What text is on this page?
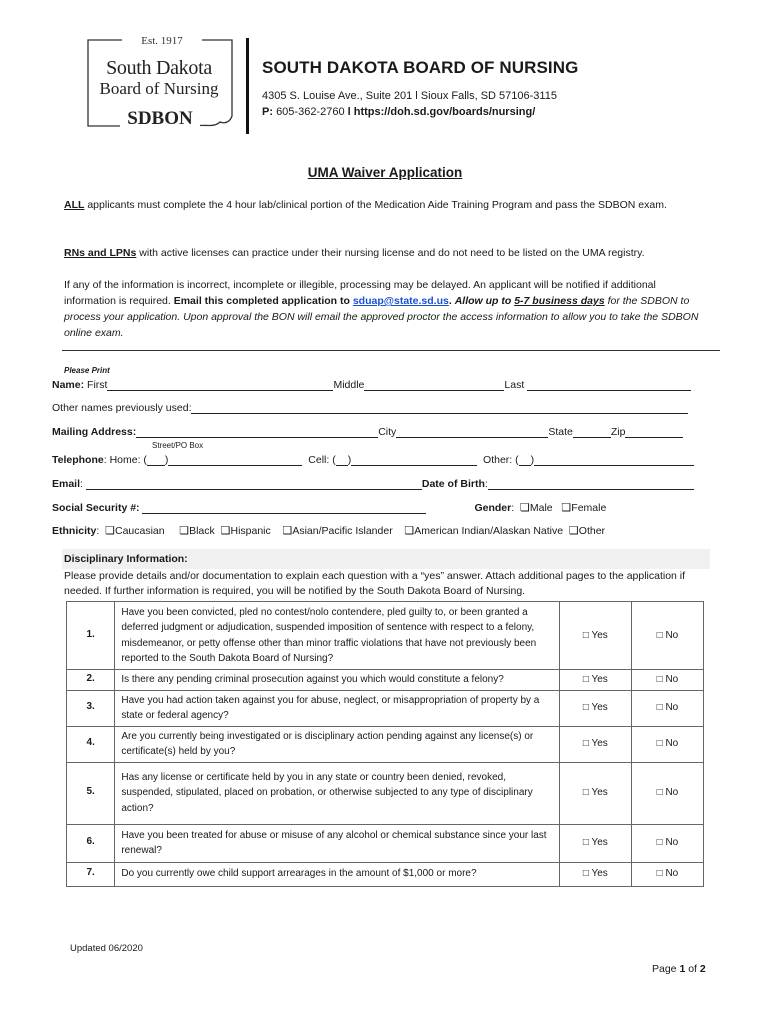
Est. 1917
South Dakota
Board of Nursing
SDBON
SOUTH DAKOTA BOARD OF NURSING
4305 S. Louise Ave., Suite 201 l Sioux Falls, SD 57106-3115
P: 605-362-2760 l https://doh.sd.gov/boards/nursing/
UMA Waiver Application
ALL applicants must complete the 4 hour lab/clinical portion of the Medication Aide Training Program and pass the SDBON exam.
RNs and LPNs with active licenses can practice under their nursing license and do not need to be listed on the UMA registry.
If any of the information is incorrect, incomplete or illegible, processing may be delayed. An applicant will be notified if additional information is required. Email this completed application to sduap@state.sd.us. Allow up to 5-7 business days for the SDBON to process your application. Upon approval the BON will email the approved proctor the access information to allow you to take the SDBON online exam.
Please Print
Name: First	Middle	Last
Other names previously used:
Mailing Address:	City	State	Zip
Street/PO Box
Telephone: Home: ( )	Cell: ( )	Other: ( )
Email:	Date of Birth:
Social Security #:	Gender: ❏Male ❏Female
Ethnicity: ❏Caucasian ❏Black ❏Hispanic ❏Asian/Pacific Islander ❏American Indian/Alaskan Native ❏Other
Disciplinary Information:
Please provide details and/or documentation to explain each question with a “yes” answer. Attach additional pages to the application if needed. If further information is required, you will be notified by the South Dakota Board of Nursing.
1.	Have you been convicted, pled no contest/nolo contendere, pled guilty to, or been granted a deferred judgment or adjudication, suspended imposition of sentence with respect to a felony, misdemeanor, or petty offense other than minor traffic violations that have not previously been reported to the South Dakota Board of Nursing?	□ Yes	□ No
2.	Is there any pending criminal prosecution against you which would constitute a felony?	□ Yes	□ No
3.	Have you had action taken against you for abuse, neglect, or misappropriation of property by a state or federal agency?	□ Yes	□ No
4.	Are you currently being investigated or is disciplinary action pending against any license(s) or certificate(s) held by you?	□ Yes	□ No
5.	Has any license or certificate held by you in any state or country been denied, revoked, suspended, stipulated, placed on probation, or otherwise subjected to any type of disciplinary action?	□ Yes	□ No
6.	Have you been treated for abuse or misuse of any alcohol or chemical substance since your last renewal?	□ Yes	□ No
7.	Do you currently owe child support arrearages in the amount of $1,000 or more?	□ Yes	□ No
Updated 06/2020
Page 1 of 2
